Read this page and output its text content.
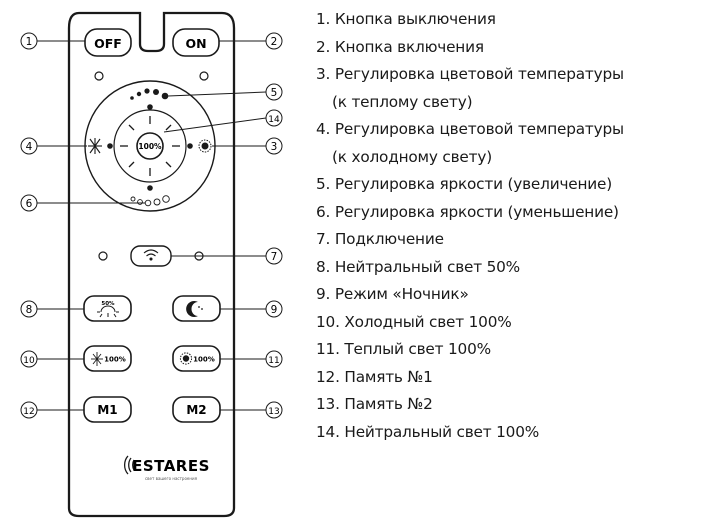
OFF	ON
100%
50%
100%	100%
M1	M2
ESTARES
свет вашего настроения
1	2
3
4
5
6
7
8	9
10	11
12	13
14
1. Кнопка выключения
2. Кнопка включения
3. Регулировка цветовой температуры
(к теплому свету)
4. Регулировка цветовой температуры
(к холодному свету)
5. Регулировка яркости (увеличение)
6. Регулировка яркости (уменьшение)
7. Подключение
8. Нейтральный свет 50%
9. Режим «Ночник»
10. Холодный свет 100%
11. Теплый свет 100%
12. Память №1
13. Память №2
14. Нейтральный свет 100%
